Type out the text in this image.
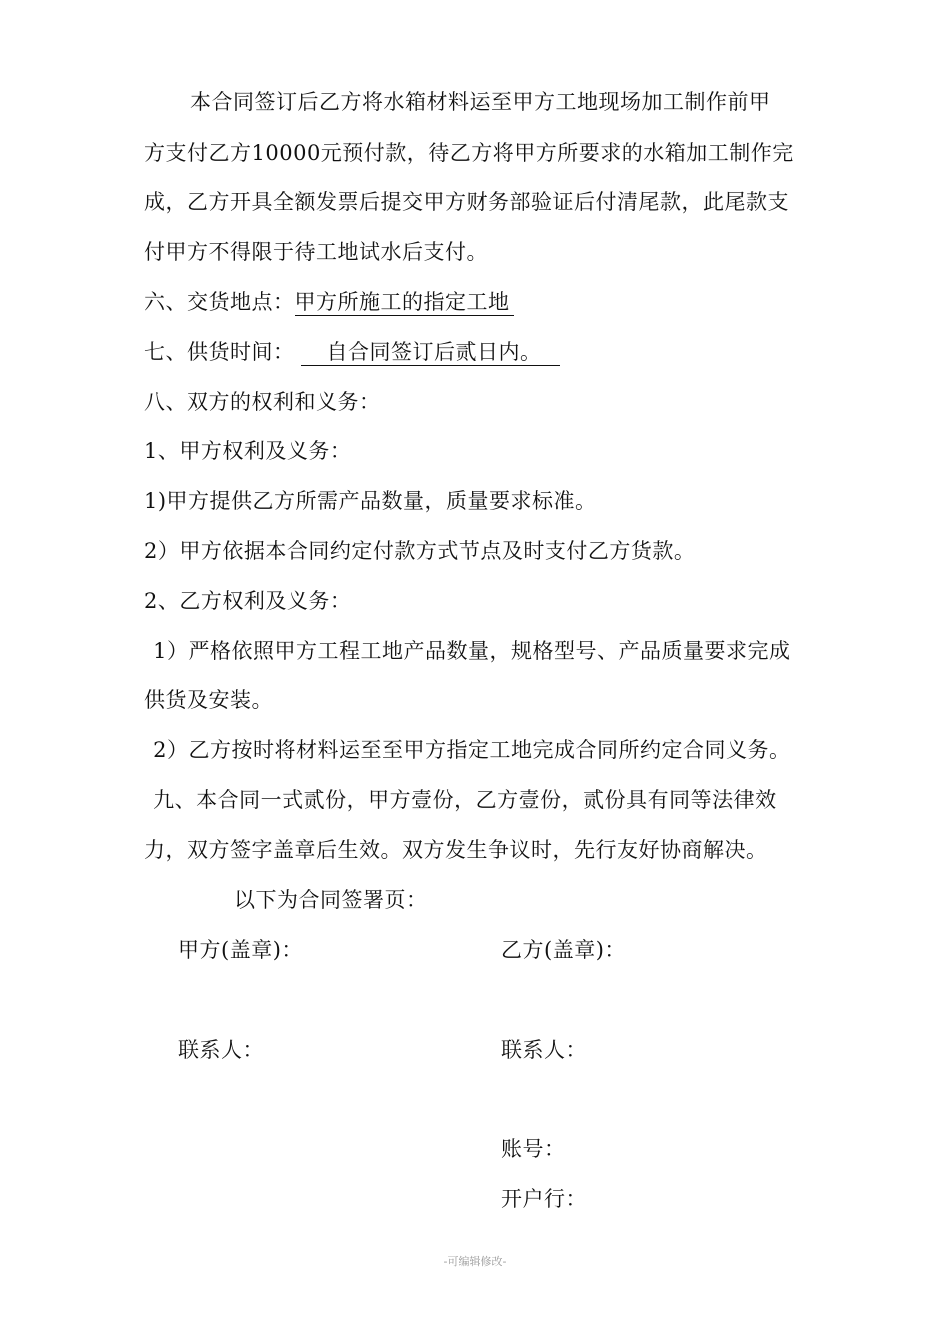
本合同签订后乙方将水箱材料运至甲方工地现场加工制作前甲
方支付乙方10000元预付款，待乙方将甲方所要求的水箱加工制作完
成，乙方开具全额发票后提交甲方财务部验证后付清尾款，此尾款支
付甲方不得限于待工地试水后支付。
六、交货地点：甲方所施工的指定工地
七、供货时间： 自合同签订后贰日内。
八、双方的权利和义务：
1、甲方权利及义务：
1)甲方提供乙方所需产品数量，质量要求标准。
2）甲方依据本合同约定付款方式节点及时支付乙方货款。
2、乙方权利及义务：
1）严格依照甲方工程工地产品数量，规格型号、产品质量要求完成
供货及安装。
2）乙方按时将材料运至至甲方指定工地完成合同所约定合同义务。
九、本合同一式贰份，甲方壹份，乙方壹份，贰份具有同等法律效
力，双方签字盖章后生效。双方发生争议时，先行友好协商解决。
以下为合同签署页：
甲方(盖章)：	乙方(盖章)：
联系人：	联系人：
账号：
开户行：
-可编辑修改-
